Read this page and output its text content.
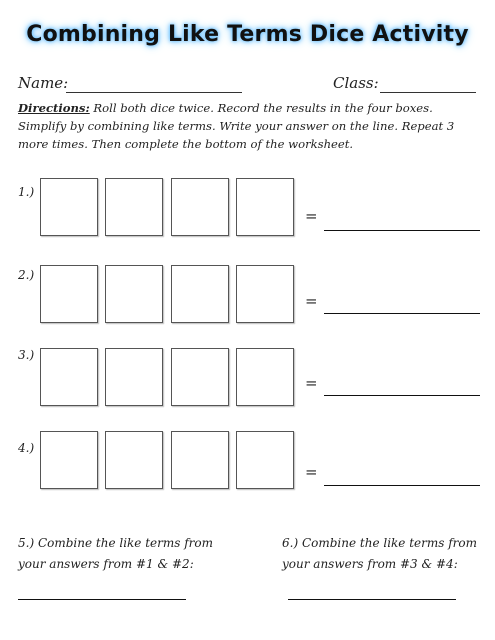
Combining Like Terms Dice Activity
Name:	Class:
Directions: Roll both dice twice. Record the results in the four boxes. Simplify by combining like terms. Write your answer on the line. Repeat 3 more times. Then complete the bottom of the worksheet.
1.)
=
2.)
=
3.)
=
4.)
=
5.) Combine the like terms from
your answers from #1 & #2:
6.) Combine the like terms from
your answers from #3 & #4:
